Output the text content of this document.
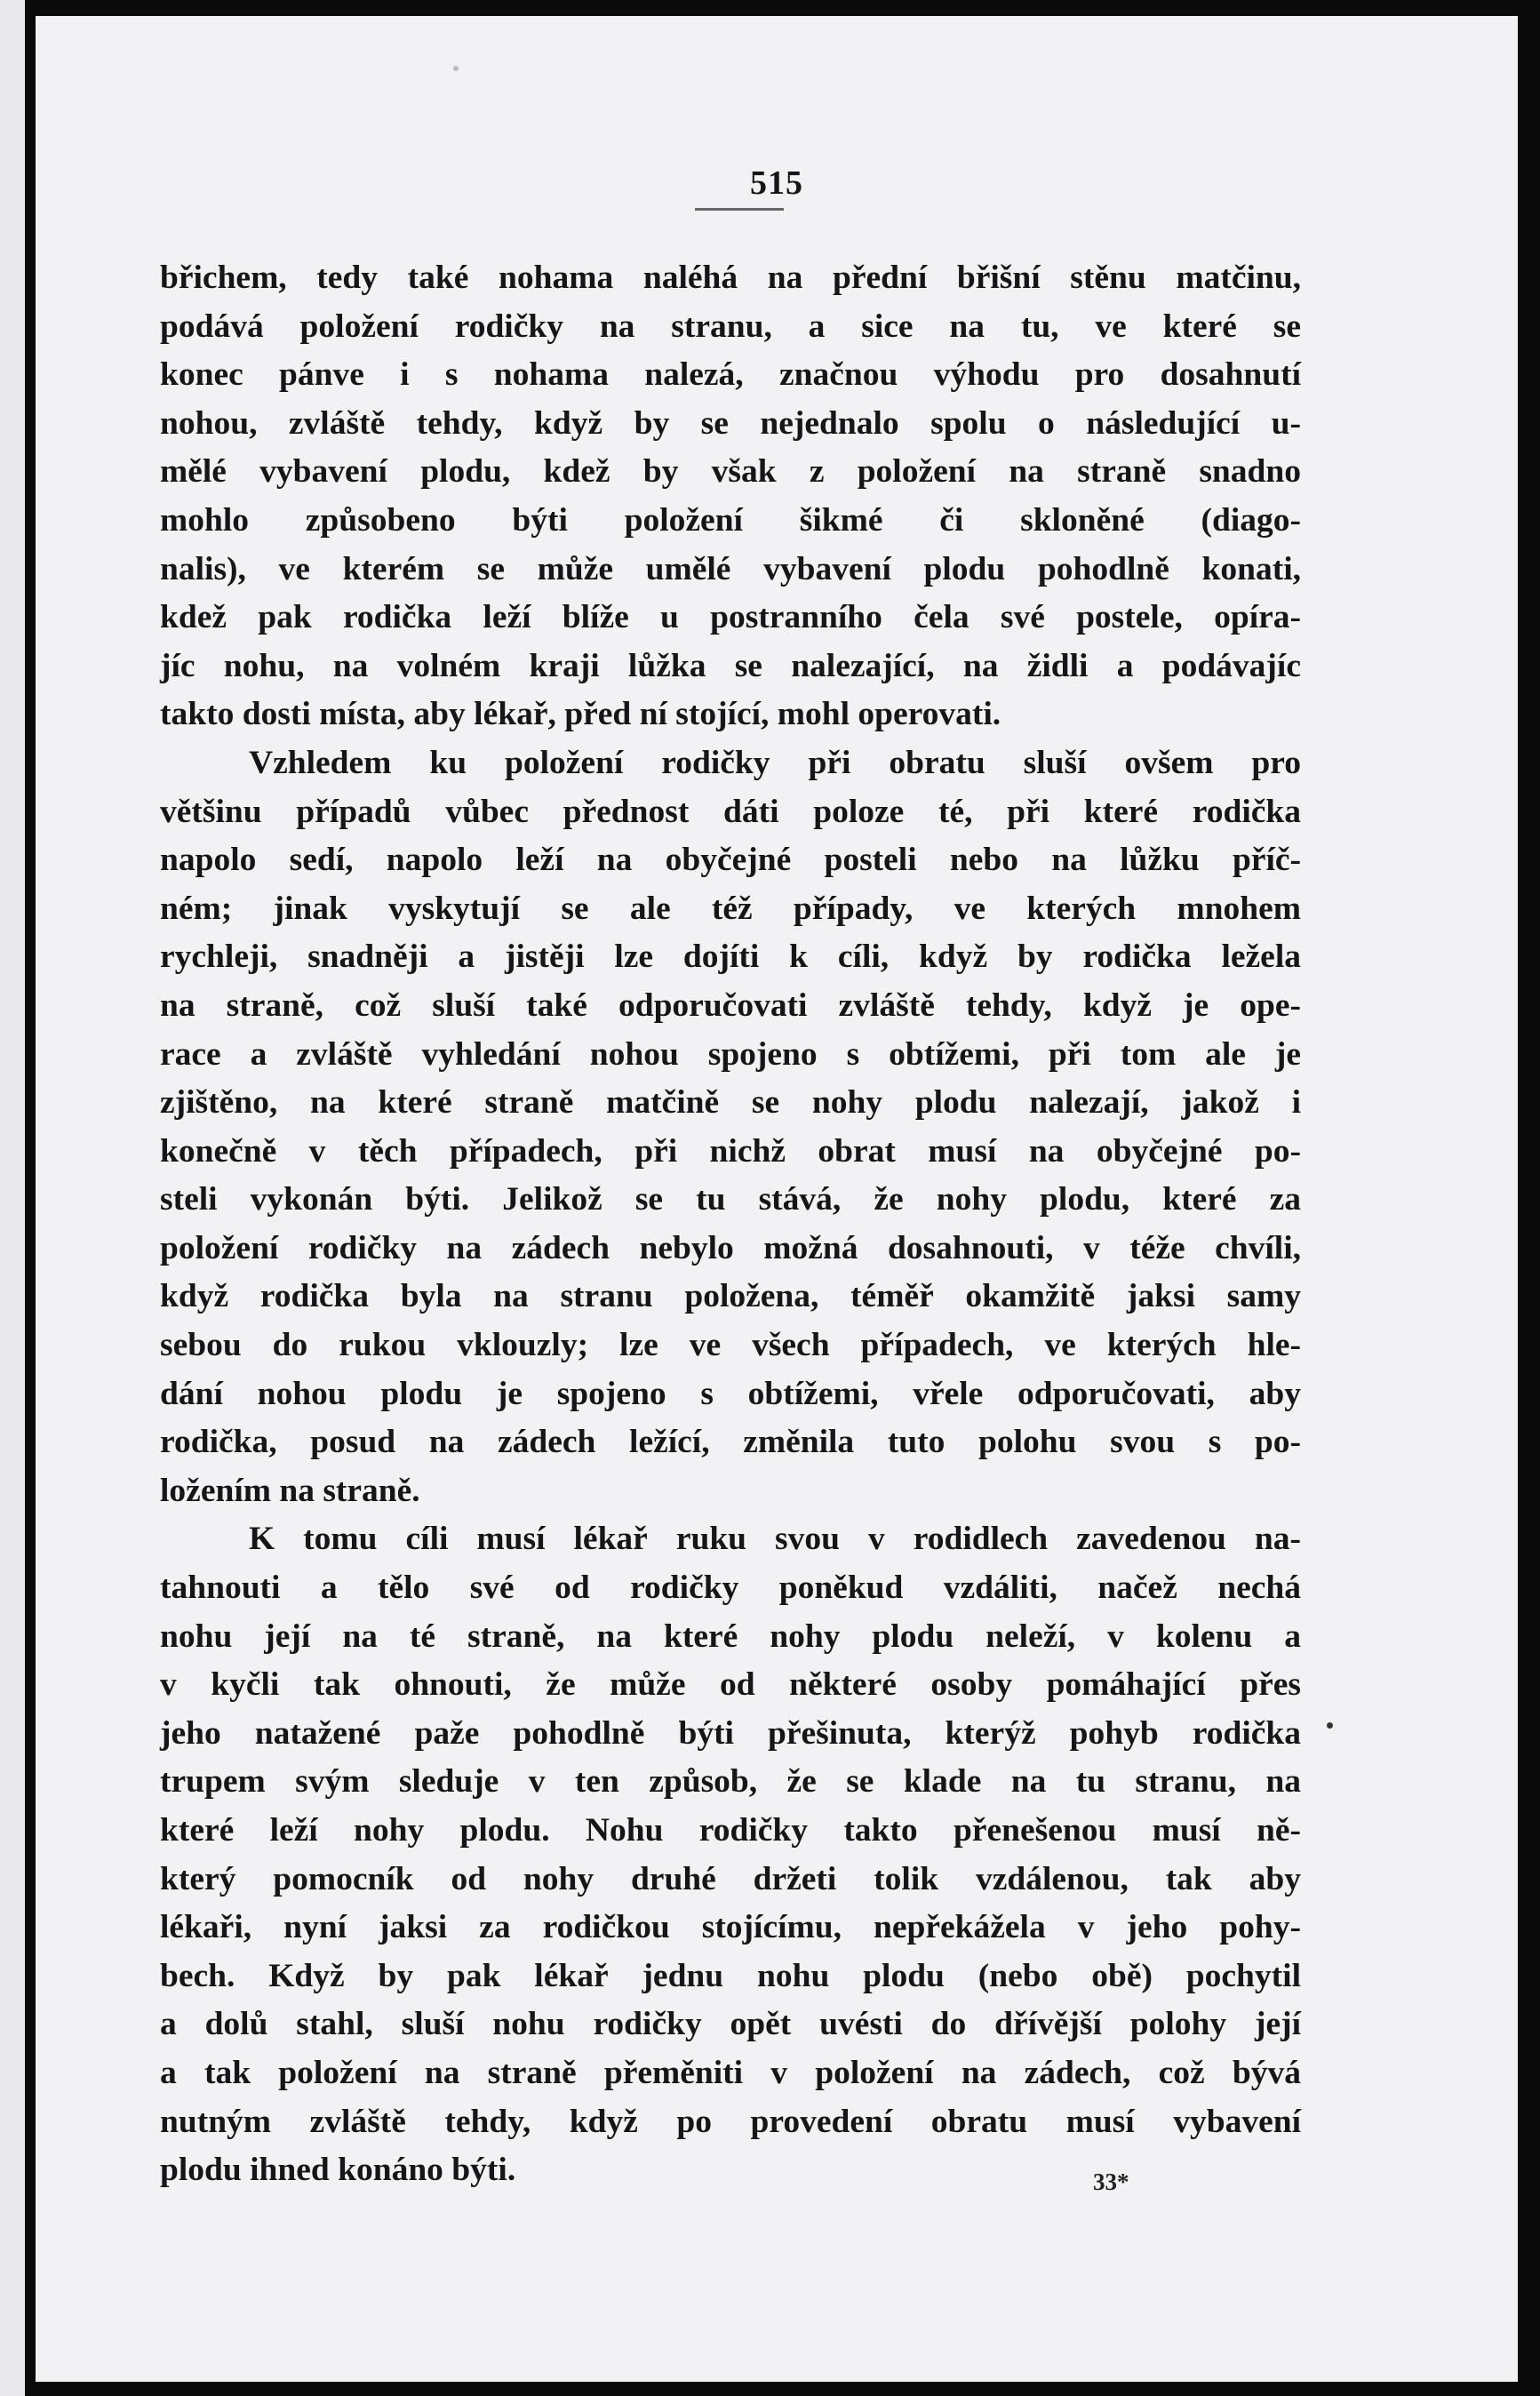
515
břichem, tedy také nohama naléhá na přední břišní stěnu matčinu,
podává položení rodičky na stranu, a sice na tu, ve které se
konec pánve i s nohama nalezá, značnou výhodu pro dosahnutí
nohou, zvláště tehdy, když by se nejednalo spolu o následující u-
mělé vybavení plodu, kdež by však z položení na straně snadno
mohlo způsobeno býti položení šikmé či skloněné (diago-
nalis), ve kterém se může umělé vybavení plodu pohodlně konati,
kdež pak rodička leží blíže u postranního čela své postele, opíra-
jíc nohu, na volném kraji lůžka se nalezající, na židli a podávajíc
takto dosti místa, aby lékař, před ní stojící, mohl operovati.
Vzhledem ku položení rodičky při obratu sluší ovšem pro
většinu případů vůbec přednost dáti poloze té, při které rodička
napolo sedí, napolo leží na obyčejné posteli nebo na lůžku příč-
ném; jinak vyskytují se ale též případy, ve kterých mnohem
rychleji, snadněji a jistěji lze dojíti k cíli, když by rodička ležela
na straně, což sluší také odporučovati zvláště tehdy, když je ope-
race a zvláště vyhledání nohou spojeno s obtížemi, při tom ale je
zjištěno, na které straně matčině se nohy plodu nalezají, jakož i
konečně v těch případech, při nichž obrat musí na obyčejné po-
steli vykonán býti. Jelikož se tu stává, že nohy plodu, které za
položení rodičky na zádech nebylo možná dosahnouti, v téže chvíli,
když rodička byla na stranu položena, téměř okamžitě jaksi samy
sebou do rukou vklouzly; lze ve všech případech, ve kterých hle-
dání nohou plodu je spojeno s obtížemi, vřele odporučovati, aby
rodička, posud na zádech ležící, změnila tuto polohu svou s po-
ložením na straně.
K tomu cíli musí lékař ruku svou v rodidlech zavedenou na-
tahnouti a tělo své od rodičky poněkud vzdáliti, načež nechá
nohu její na té straně, na které nohy plodu neleží, v kolenu a
v kyčli tak ohnouti, že může od některé osoby pomáhající přes
jeho natažené paže pohodlně býti přešinuta, kterýž pohyb rodička
trupem svým sleduje v ten způsob, že se klade na tu stranu, na
které leží nohy plodu. Nohu rodičky takto přenešenou musí ně-
který pomocník od nohy druhé držeti tolik vzdálenou, tak aby
lékaři, nyní jaksi za rodičkou stojícímu, nepřekážela v jeho pohy-
bech. Když by pak lékař jednu nohu plodu (nebo obě) pochytil
a dolů stahl, sluší nohu rodičky opět uvésti do dřívější polohy její
a tak položení na straně přeměniti v položení na zádech, což bývá
nutným zvláště tehdy, když po provedení obratu musí vybavení
plodu ihned konáno býti.	33*
